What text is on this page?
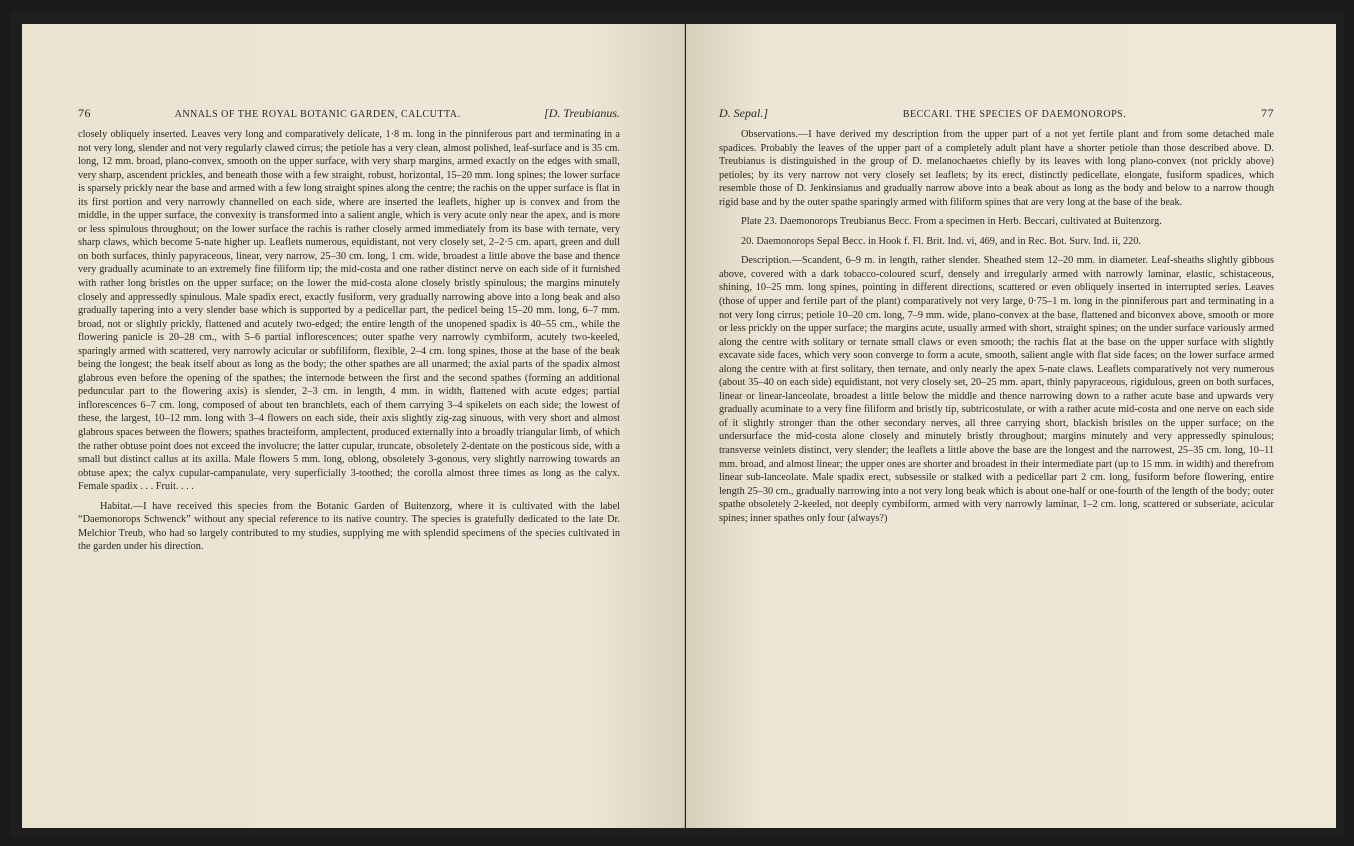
76	ANNALS OF THE ROYAL BOTANIC GARDEN, CALCUTTA.	[D. Treubianus.

closely obliquely inserted. Leaves very long and comparatively delicate, 1·8 m. long in the pinniferous part and terminating in a not very long, slender and not very regularly clawed cirrus; the petiole has a very clean, almost polished, leaf-surface and is 35 cm. long, 12 mm. broad, plano-convex, smooth on the upper surface, with very sharp margins, armed exactly on the edges with small, very sharp, ascendent prickles, and beneath those with a few straight, robust, horizontal, 15–20 mm. long spines; the lower surface is sparsely prickly near the base and armed with a few long straight spines along the centre; the rachis on the upper surface is flat in its first portion and very narrowly channelled on each side, where are inserted the leaflets, higher up is convex and from the middle, in the upper surface, the convexity is transformed into a salient angle, which is very acute only near the apex, and is more or less spinulous throughout; on the lower surface the rachis is rather closely armed immediately from its base with ternate, very sharp claws, which become 5-nate higher up. Leaflets numerous, equidistant, not very closely set, 2–2·5 cm. apart, green and dull on both surfaces, thinly papyraceous, linear, very narrow, 25–30 cm. long, 1 cm. wide, broadest a little above the base and thence very gradually acuminate to an extremely fine filiform tip; the mid-costa and one rather distinct nerve on each side of it furnished with rather long bristles on the upper surface; on the lower the mid-costa alone closely bristly spinulous; the margins minutely closely and appressedly spinulous. Male spadix erect, exactly fusiform, very gradually narrowing above into a long beak and also gradually tapering into a very slender base which is supported by a pedicellar part, the pedicel being 15–20 mm. long, 6–7 mm. broad, not or slightly prickly, flattened and acutely two-edged; the entire length of the unopened spadix is 40–55 cm., while the flowering panicle is 20–28 cm., with 5–6 partial inflorescences; outer spathe very narrowly cymbiform, acutely two-keeled, sparingly armed with scattered, very narrowly acicular or subfiliform, flexible, 2–4 cm. long spines, those at the base of the beak being the longest; the beak itself about as long as the body; the other spathes are all unarmed; the axial parts of the spadix almost glabrous even before the opening of the spathes; the internode between the first and the second spathes (forming an additional peduncular part to the flowering axis) is slender, 2–3 cm. in length, 4 mm. in width, flattened with acute edges; partial inflorescences 6–7 cm. long, composed of about ten branchlets, each of them carrying 3–4 spikelets on each side; the lowest of these, the largest, 10–12 mm. long with 3–4 flowers on each side, their axis slightly zig-zag sinuous, with very short and almost glabrous spaces between the flowers; spathes bracteiform, amplectent, produced externally into a broadly triangular limb, of which the rather obtuse point does not exceed the involucre; the latter cupular, truncate, obsoletely 2-dentate on the posticous side, with a small but distinct callus at its axilla. Male flowers 5 mm. long, oblong, obsoletely 3-gonous, very slightly narrowing towards an obtuse apex; the calyx cupular-campanulate, very superficially 3-toothed; the corolla almost three times as long as the calyx. Female spadix . . . Fruit. . . .

Habitat.—I have received this species from the Botanic Garden of Buitenzorg, where it is cultivated with the label “Daemonorops Schwenck” without any special reference to its native country. The species is gratefully dedicated to the late Dr. Melchior Treub, who had so largely contributed to my studies, supplying me with splendid specimens of the species cultivated in the garden under his direction.

D. Sepal.]	BECCARI. THE SPECIES OF DAEMONOROPS.	77

Observations.—I have derived my description from the upper part of a not yet fertile plant and from some detached male spadices. Probably the leaves of the upper part of a completely adult plant have a shorter petiole than those described above. D. Treubianus is distinguished in the group of D. melanochaetes chiefly by its leaves with long plano-convex (not prickly above) petioles; by its very narrow not very closely set leaflets; by its erect, distinctly pedicellate, elongate, fusiform spadices, which resemble those of D. Jenkinsianus and gradually narrow above into a beak about as long as the body and below to a narrow though rigid base and by the outer spathe sparingly armed with filiform spines that are very long at the base of the beak.

Plate 23. Daemonorops Treubianus Becc. From a specimen in Herb. Beccari, cultivated at Buitenzorg.

20. Daemonorops Sepal Becc. in Hook f. Fl. Brit. Ind. vi, 469, and in Rec. Bot. Surv. Ind. ii, 220.

Description.—Scandent, 6–9 m. in length, rather slender. Sheathed stem 12–20 mm. in diameter. Leaf-sheaths slightly gibbous above, covered with a dark tobacco-coloured scurf, densely and irregularly armed with narrowly laminar, elastic, schistaceous, shining, 10–25 mm. long spines, pointing in different directions, scattered or even obliquely inserted in interrupted series. Leaves (those of upper and fertile part of the plant) comparatively not very large, 0·75–1 m. long in the pinniferous part and terminating in a not very long cirrus; petiole 10–20 cm. long, 7–9 mm. wide, plano-convex at the base, flattened and biconvex above, smooth or more or less prickly on the upper surface; the margins acute, usually armed with short, straight spines; on the under surface variously armed along the centre with solitary or ternate small claws or even smooth; the rachis flat at the base on the upper surface with slightly excavate side faces, which very soon converge to form a acute, smooth, salient angle with flat side faces; on the lower surface armed along the centre with at first solitary, then ternate, and only nearly the apex 5-nate claws. Leaflets comparatively not very numerous (about 35–40 on each side) equidistant, not very closely set, 20–25 mm. apart, thinly papyraceous, rigidulous, green on both surfaces, linear or linear-lanceolate, broadest a little below the middle and thence narrowing down to a rather acute base and upwards very gradually acuminate to a very fine filiform and bristly tip, subtricostulate, or with a rather acute mid-costa and one nerve on each side of it slightly stronger than the other secondary nerves, all three carrying short, blackish bristles on the upper surface; on the undersurface the mid-costa alone closely and minutely bristly throughout; margins minutely and very appressedly spinulous; transverse veinlets distinct, very slender; the leaflets a little above the base are the longest and the narrowest, 25–35 cm. long, 10–11 mm. broad, and almost linear; the upper ones are shorter and broadest in their intermediate part (up to 15 mm. in width) and therefrom linear sub-lanceolate. Male spadix erect, subsessile or stalked with a pedicellar part 2 cm. long, fusiform before flowering, entire length 25–30 cm., gradually narrowing into a not very long beak which is about one-half or one-fourth of the length of the body; outer spathe obsoletely 2-keeled, not deeply cymbiform, armed with very narrowly laminar, 1–2 cm. long, scattered or subseriate, acicular spines; inner spathes only four (always?)
